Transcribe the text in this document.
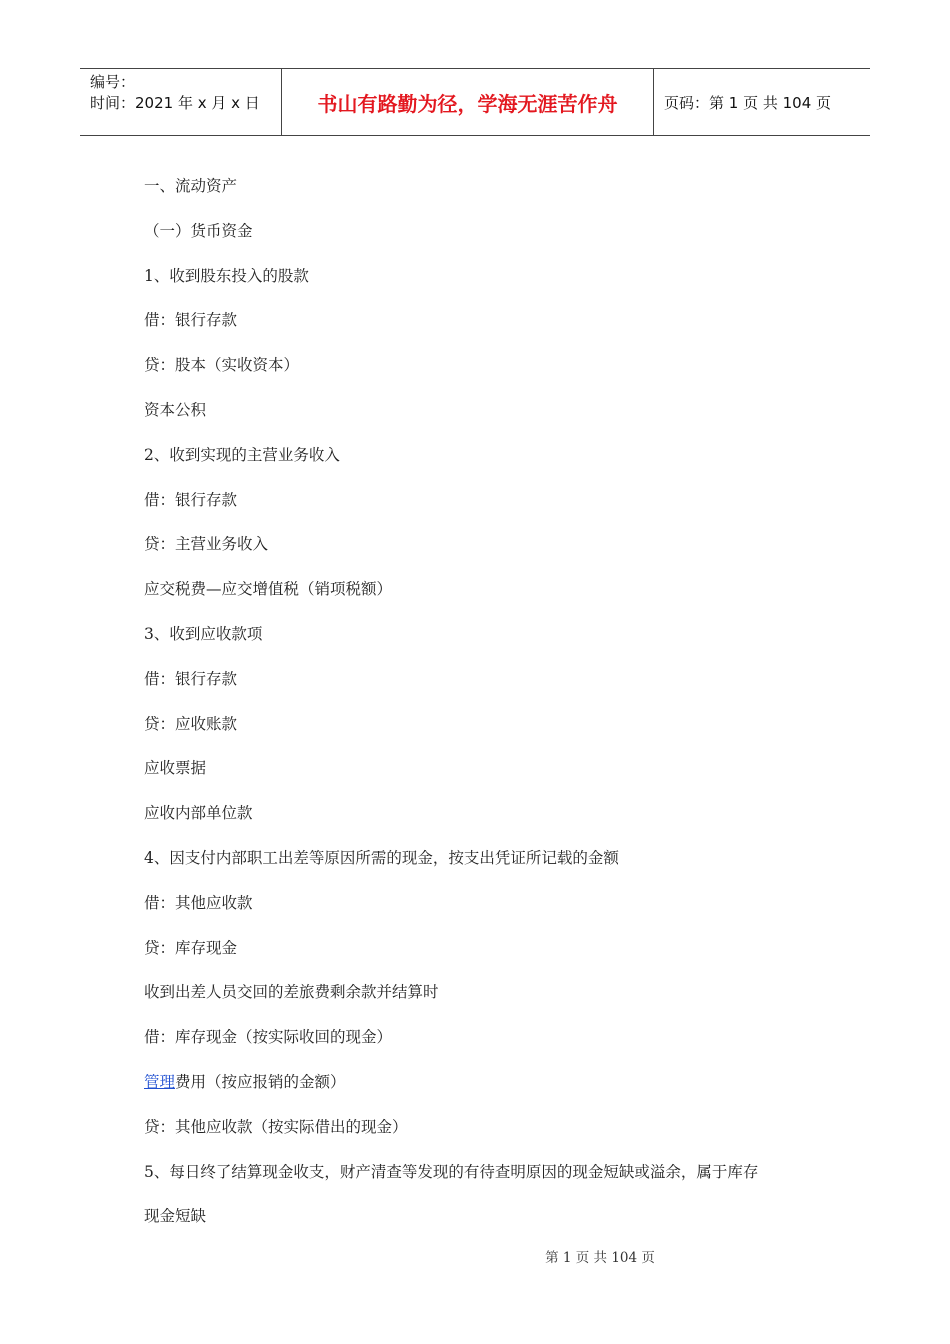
编号：
时间：2021 年 x 月 x 日	书山有路勤为径，学海无涯苦作舟	页码：第 1 页 共 104 页
一、流动资产
（一）货币资金
1、收到股东投入的股款
借：银行存款
贷：股本（实收资本）
资本公积
2、收到实现的主营业务收入
借：银行存款
贷：主营业务收入
应交税费—应交增值税（销项税额）
3、收到应收款项
借：银行存款
贷：应收账款
应收票据
应收内部单位款
4、因支付内部职工出差等原因所需的现金，按支出凭证所记载的金额
借：其他应收款
贷：库存现金
收到出差人员交回的差旅费剩余款并结算时
借：库存现金（按实际收回的现金）
管理费用（按应报销的金额）
贷：其他应收款（按实际借出的现金）
5、每日终了结算现金收支，财产清查等发现的有待查明原因的现金短缺或溢余，属于库存
现金短缺
第 1 页 共 104 页
